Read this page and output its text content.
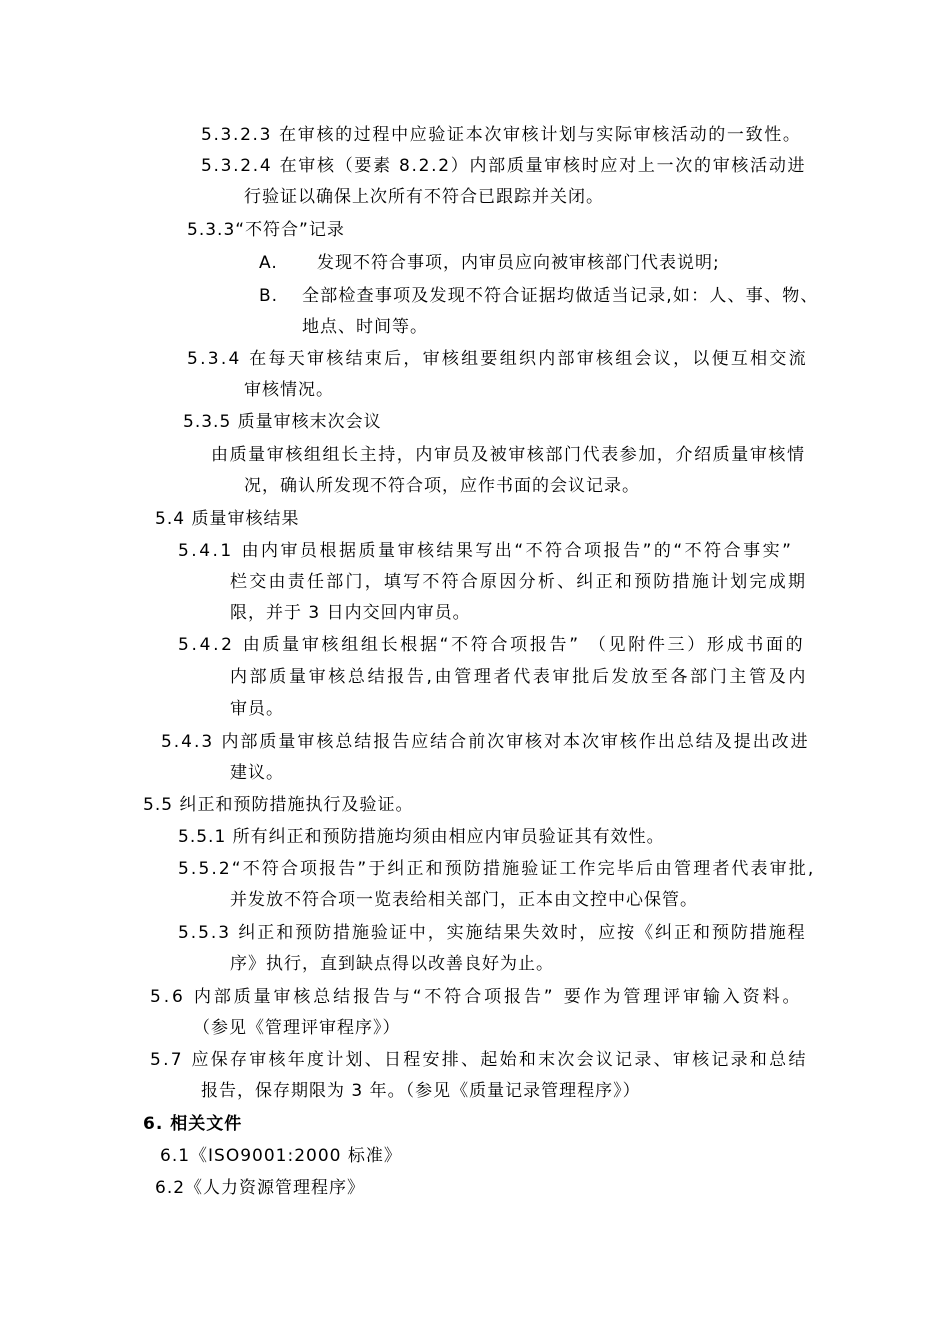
5.3.2.3 在审核的过程中应验证本次审核计划与实际审核活动的一致性。
5.3.2.4 在审核（要素 8.2.2）内部质量审核时应对上一次的审核活动进
行验证以确保上次所有不符合已跟踪并关闭。
5.3.3“不符合”记录
A. 发现不符合事项，内审员应向被审核部门代表说明;
B. 全部检查事项及发现不符合证据均做适当记录,如：人、事、物、
地点、时间等。
5.3.4 在每天审核结束后，审核组要组织内部审核组会议，以便互相交流
审核情况。
5.3.5 质量审核末次会议
由质量审核组组长主持，内审员及被审核部门代表参加，介绍质量审核情
况，确认所发现不符合项，应作书面的会议记录。
5.4 质量审核结果
5.4.1 由内审员根据质量审核结果写出“不符合项报告”的“不符合事实”
栏交由责任部门，填写不符合原因分析、纠正和预防措施计划完成期
限，并于 3 日内交回内审员。
5.4.2 由质量审核组组长根据“不符合项报告” （见附件三）形成书面的
内部质量审核总结报告,由管理者代表审批后发放至各部门主管及内
审员。
5.4.3 内部质量审核总结报告应结合前次审核对本次审核作出总结及提出改进
建议。
5.5 纠正和预防措施执行及验证。
5.5.1 所有纠正和预防措施均须由相应内审员验证其有效性。
5.5.2“不符合项报告”于纠正和预防措施验证工作完毕后由管理者代表审批,
并发放不符合项一览表给相关部门，正本由文控中心保管。
5.5.3 纠正和预防措施验证中，实施结果失效时，应按《纠正和预防措施程
序》执行，直到缺点得以改善良好为止。
5.6 内部质量审核总结报告与“不符合项报告” 要作为管理评审输入资料。
（参见《管理评审程序》）
5.7 应保存审核年度计划、日程安排、起始和末次会议记录、审核记录和总结
报告，保存期限为 3 年。（参见《质量记录管理程序》）
6. 相关文件
6.1《ISO9001:2000 标准》
6.2《人力资源管理程序》
